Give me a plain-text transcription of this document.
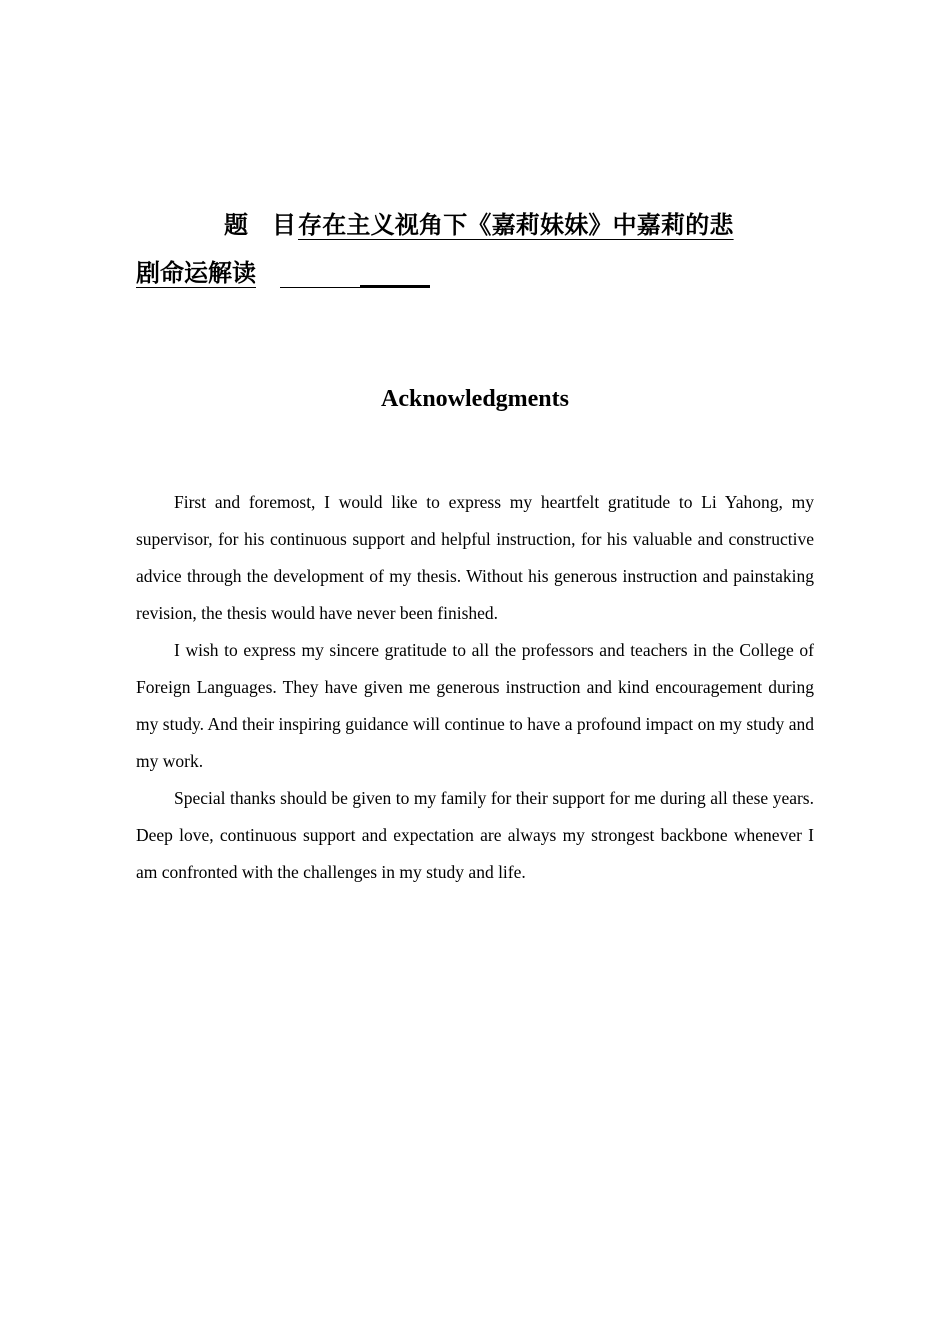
题　目 存在主义视角下《嘉莉妹妹》中嘉莉的悲
剧命运解读
Acknowledgments

First and foremost, I would like to express my heartfelt gratitude to Li Yahong, my supervisor, for his continuous support and helpful instruction, for his valuable and constructive advice through the development of my thesis. Without his generous instruction and painstaking revision, the thesis would have never been finished.

I wish to express my sincere gratitude to all the professors and teachers in the College of Foreign Languages. They have given me generous instruction and kind encouragement during my study. And their inspiring guidance will continue to have a profound impact on my study and my work.

Special thanks should be given to my family for their support for me during all these years. Deep love, continuous support and expectation are always my strongest backbone whenever I am confronted with the challenges in my study and life.
